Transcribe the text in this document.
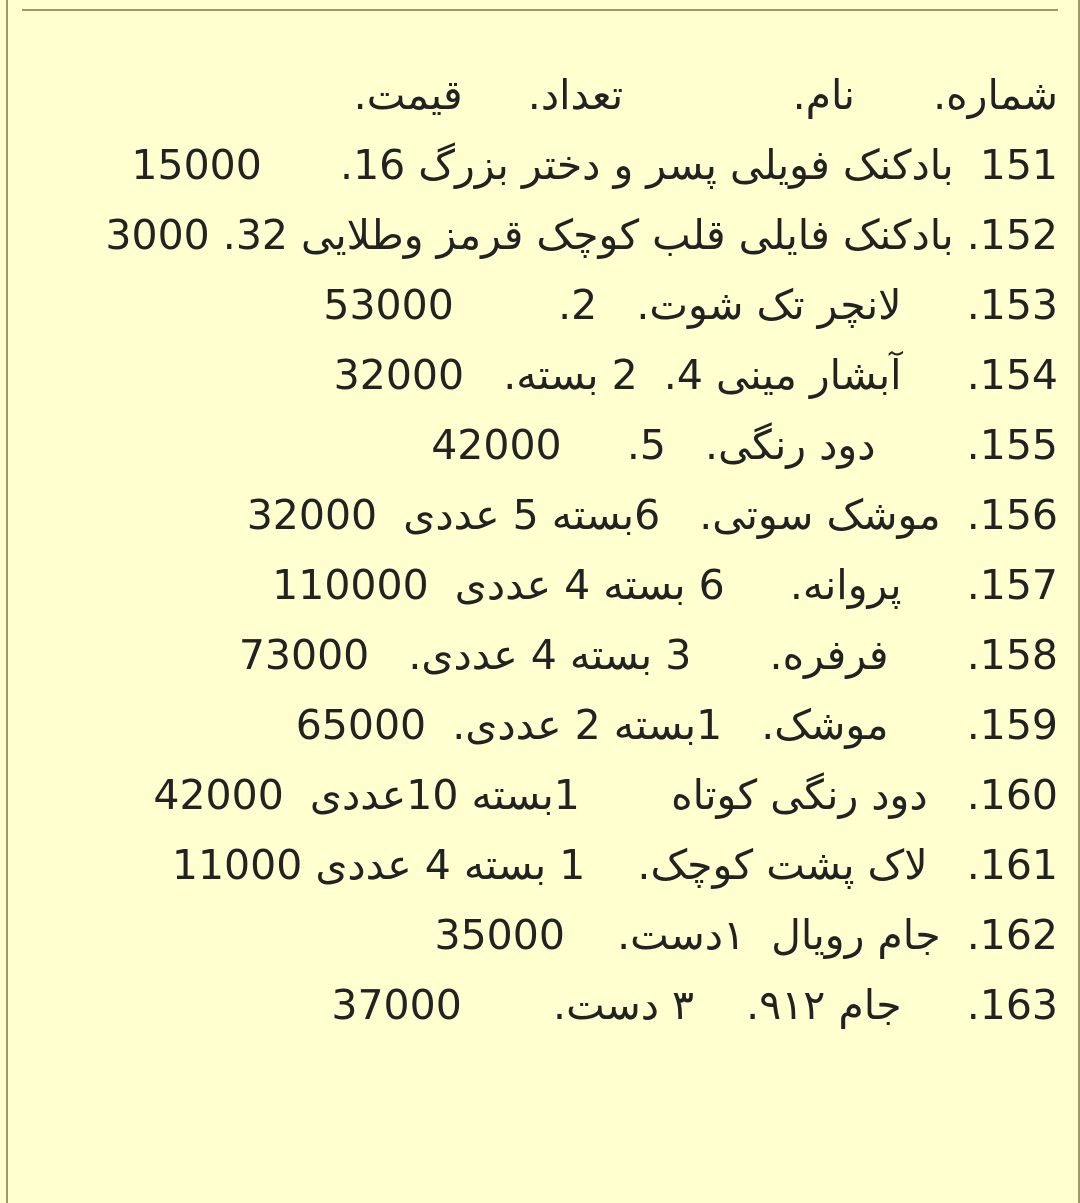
شماره.      نام.             تعداد.     قیمت.
151  بادکنک فویلی پسر و دختر بزرگ 16.      15000
152. بادکنک فایلی قلب کوچک قرمز وطلایی 32. 3000
153.     لانچر تک شوت.   2.        53000
154.     آبشار مینی 4.  2 بسته.   32000
155.       دود رنگی.   5.     42000
156.  موشک سوتی.   6بسته 5 عددی  32000
157.     پروانه.     6 بسته 4 عددی  110000
158.      فرفره.      3 بسته 4 عددی.   73000
159.      موشک.   1بسته 2 عددی.  65000
160.   دود رنگی کوتاه       1بسته 10عددی  42000
161.   لاک پشت کوچک.    1 بسته 4 عددی 11000
162.  جام رویال  ۱دست.    35000
163.     جام ۹۱۲.    ۳ دست.       37000
